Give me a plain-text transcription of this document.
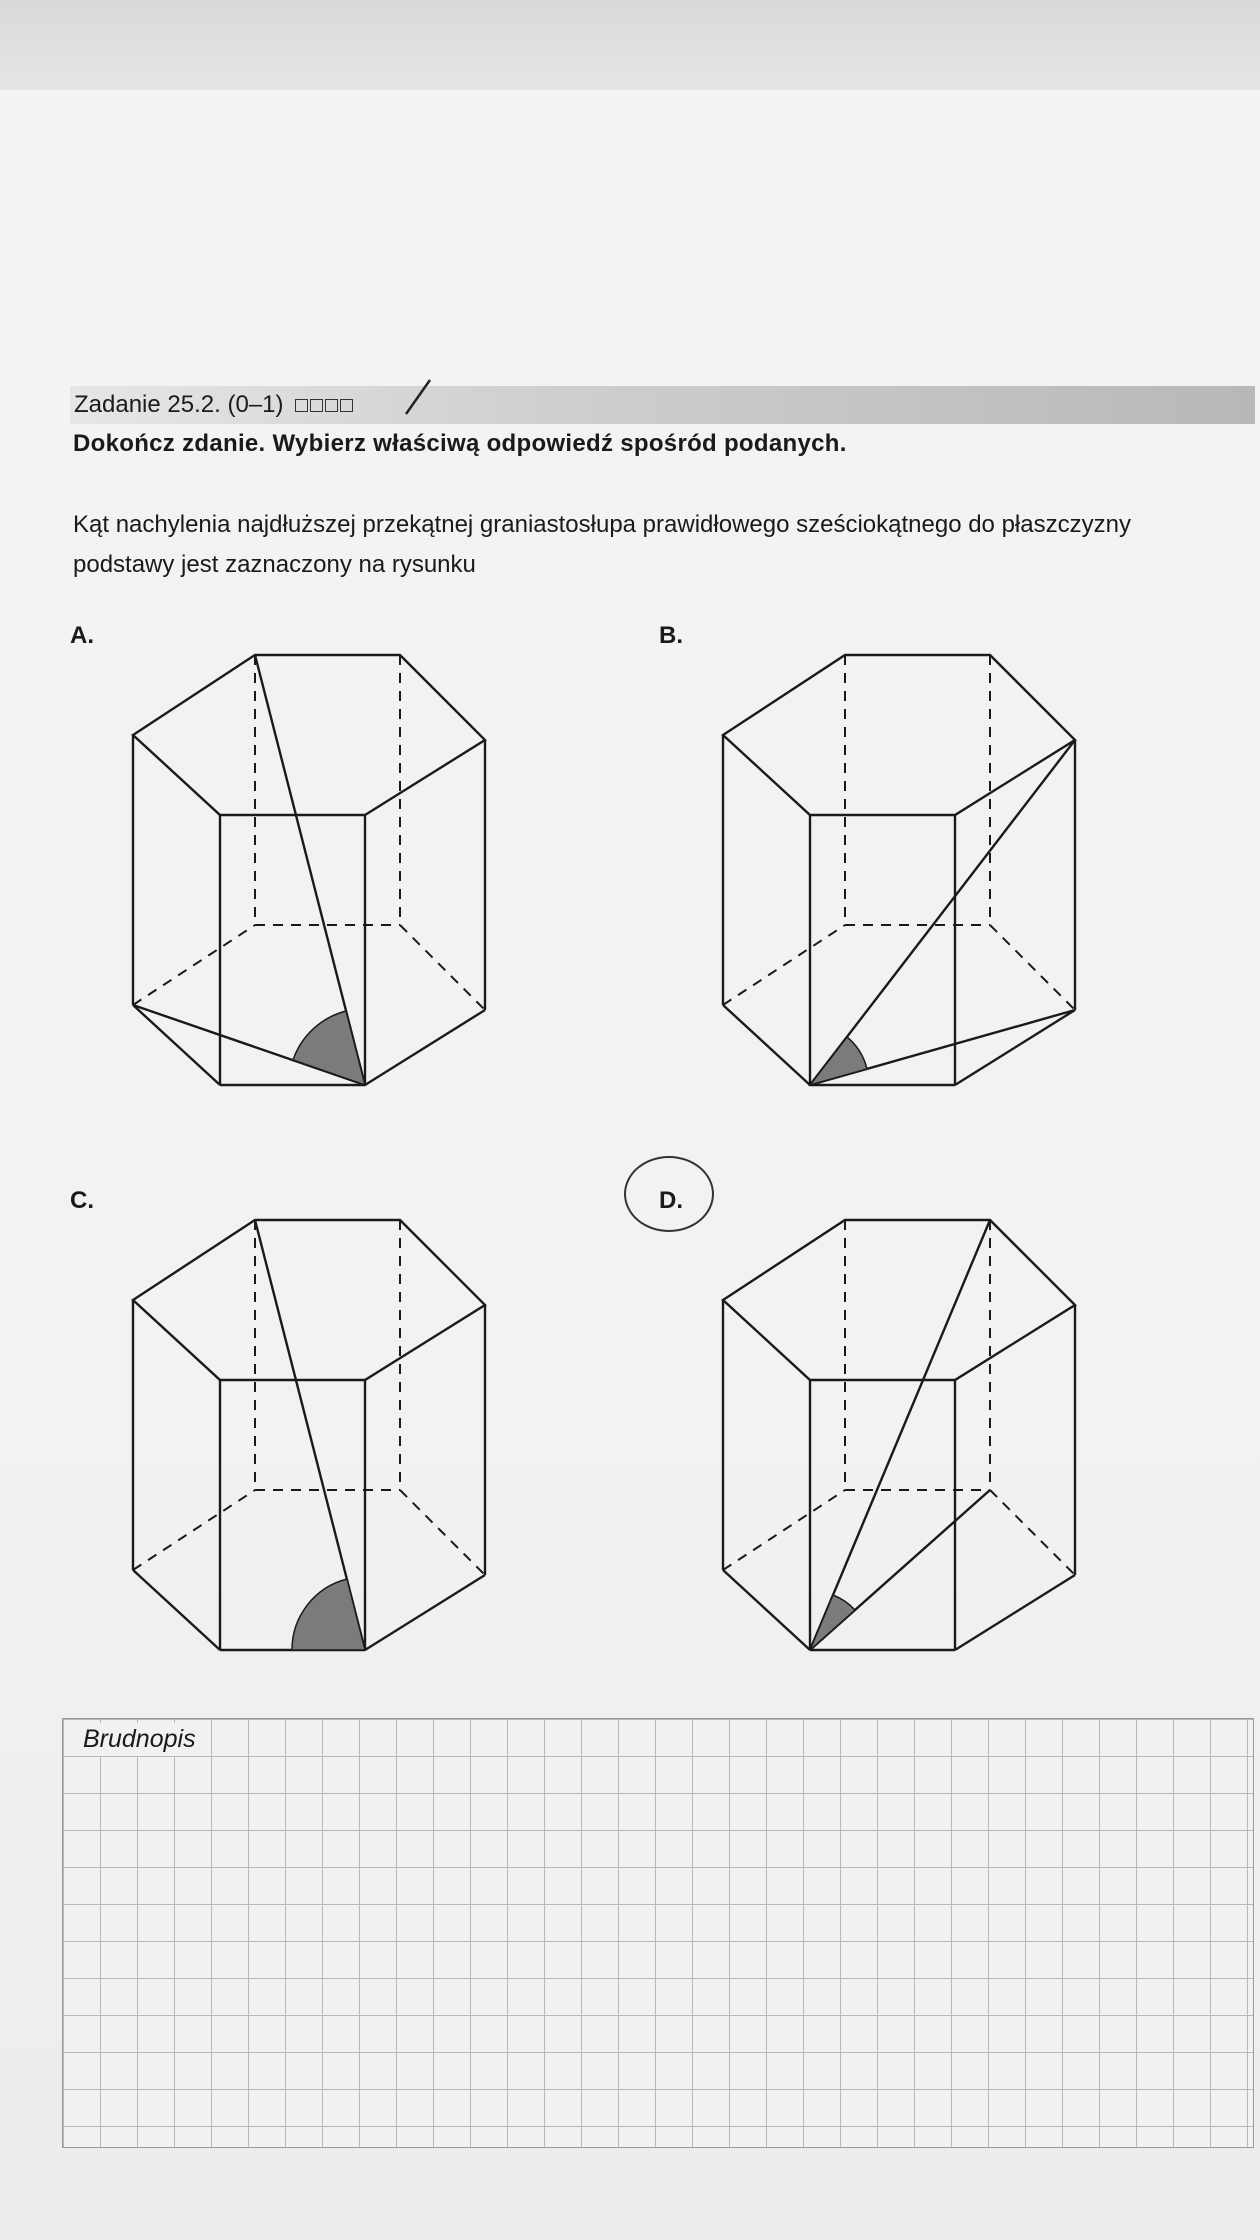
Zadanie 25.2. (0–1)
Dokończ zdanie. Wybierz właściwą odpowiedź spośród podanych.
Kąt nachylenia najdłuższej przekątnej graniastosłupa prawidłowego sześciokątnego do płaszczyzny podstawy jest zaznaczony na rysunku
A.	B.
C.	D.
Brudnopis
